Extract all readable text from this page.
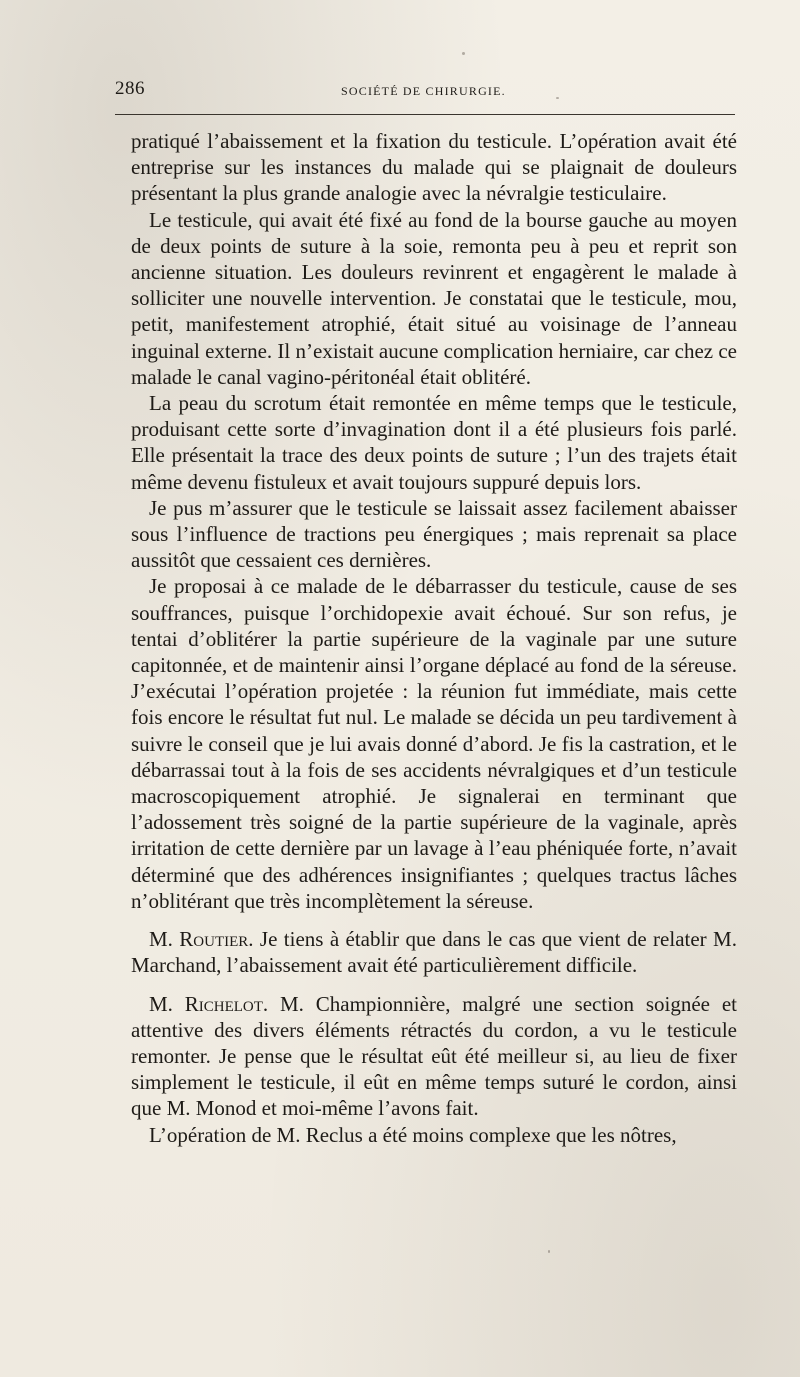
286	SOCIÉTÉ DE CHIRURGIE.

pratiqué l’abaissement et la fixation du testicule. L’opération avait été entreprise sur les instances du malade qui se plaignait de douleurs présentant la plus grande analogie avec la névralgie testiculaire.

Le testicule, qui avait été fixé au fond de la bourse gauche au moyen de deux points de suture à la soie, remonta peu à peu et reprit son ancienne situation. Les douleurs revinrent et engagèrent le malade à solliciter une nouvelle intervention. Je constatai que le testicule, mou, petit, manifestement atrophié, était situé au voisinage de l’anneau inguinal externe. Il n’existait aucune complication herniaire, car chez ce malade le canal vagino-péritonéal était oblitéré.

La peau du scrotum était remontée en même temps que le testicule, produisant cette sorte d’invagination dont il a été plusieurs fois parlé. Elle présentait la trace des deux points de suture ; l’un des trajets était même devenu fistuleux et avait toujours suppuré depuis lors.

Je pus m’assurer que le testicule se laissait assez facilement abaisser sous l’influence de tractions peu énergiques ; mais reprenait sa place aussitôt que cessaient ces dernières.

Je proposai à ce malade de le débarrasser du testicule, cause de ses souffrances, puisque l’orchidopexie avait échoué. Sur son refus, je tentai d’oblitérer la partie supérieure de la vaginale par une suture capitonnée, et de maintenir ainsi l’organe déplacé au fond de la séreuse. J’exécutai l’opération projetée : la réunion fut immédiate, mais cette fois encore le résultat fut nul. Le malade se décida un peu tardivement à suivre le conseil que je lui avais donné d’abord. Je fis la castration, et le débarrassai tout à la fois de ses accidents névralgiques et d’un testicule macroscopiquement atrophié. Je signalerai en terminant que l’adossement très soigné de la partie supérieure de la vaginale, après irritation de cette dernière par un lavage à l’eau phéniquée forte, n’avait déterminé que des adhérences insignifiantes ; quelques tractus lâches n’oblitérant que très incomplètement la séreuse.

M. Routier. Je tiens à établir que dans le cas que vient de relater M. Marchand, l’abaissement avait été particulièrement difficile.

M. Richelot. M. Championnière, malgré une section soignée et attentive des divers éléments rétractés du cordon, a vu le testicule remonter. Je pense que le résultat eût été meilleur si, au lieu de fixer simplement le testicule, il eût en même temps suturé le cordon, ainsi que M. Monod et moi-même l’avons fait.

L’opération de M. Reclus a été moins complexe que les nôtres,
